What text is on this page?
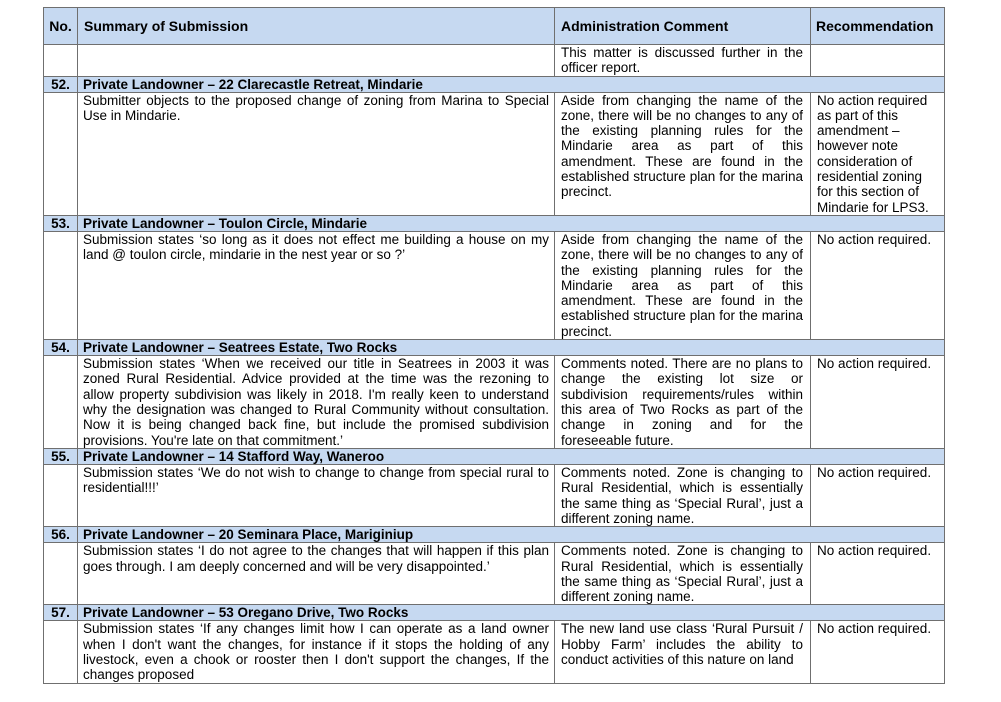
No.	Summary of Submission	Administration Comment	Recommendation
		This matter is discussed further in the officer report.	
52.	Private Landowner – 22 Clarecastle Retreat, Mindarie		
	Submitter objects to the proposed change of zoning from Marina to Special Use in Mindarie.	Aside from changing the name of the zone, there will be no changes to any of the existing planning rules for the Mindarie area as part of this amendment. These are found in the established structure plan for the marina precinct.	No action required as part of this amendment – however note consideration of residential zoning for this section of Mindarie for LPS3.
53.	Private Landowner – Toulon Circle, Mindarie		
	Submission states ‘so long as it does not effect me building a house on my land @ toulon circle, mindarie in the nest year or so ?’	Aside from changing the name of the zone, there will be no changes to any of the existing planning rules for the Mindarie area as part of this amendment. These are found in the established structure plan for the marina precinct.	No action required.
54.	Private Landowner – Seatrees Estate, Two Rocks		
	Submission states ‘When we received our title in Seatrees in 2003 it was zoned Rural Residential. Advice provided at the time was the rezoning to allow property subdivision was likely in 2018. I'm really keen to understand why the designation was changed to Rural Community without consultation. Now it is being changed back fine, but include the promised subdivision provisions. You're late on that commitment.’	Comments noted. There are no plans to change the existing lot size or subdivision requirements/rules within this area of Two Rocks as part of the change in zoning and for the foreseeable future.	No action required.
55.	Private Landowner – 14 Stafford Way, Waneroo		
	Submission states ‘We do not wish to change to change from special rural to residential!!!’	Comments noted. Zone is changing to Rural Residential, which is essentially the same thing as ‘Special Rural’, just a different zoning name.	No action required.
56.	Private Landowner – 20 Seminara Place, Mariginiup		
	Submission states ‘I do not agree to the changes that will happen if this plan goes through. I am deeply concerned and will be very disappointed.’	Comments noted. Zone is changing to Rural Residential, which is essentially the same thing as ‘Special Rural’, just a different zoning name.	No action required.
57.	Private Landowner – 53 Oregano Drive, Two Rocks		
	Submission states ‘If any changes limit how I can operate as a land owner when I don't want the changes, for instance if it stops the holding of any livestock, even a chook or rooster then I don't support the changes, If the changes proposed	The new land use class ‘Rural Pursuit / Hobby Farm’ includes the ability to conduct activities of this nature on land	No action required.
